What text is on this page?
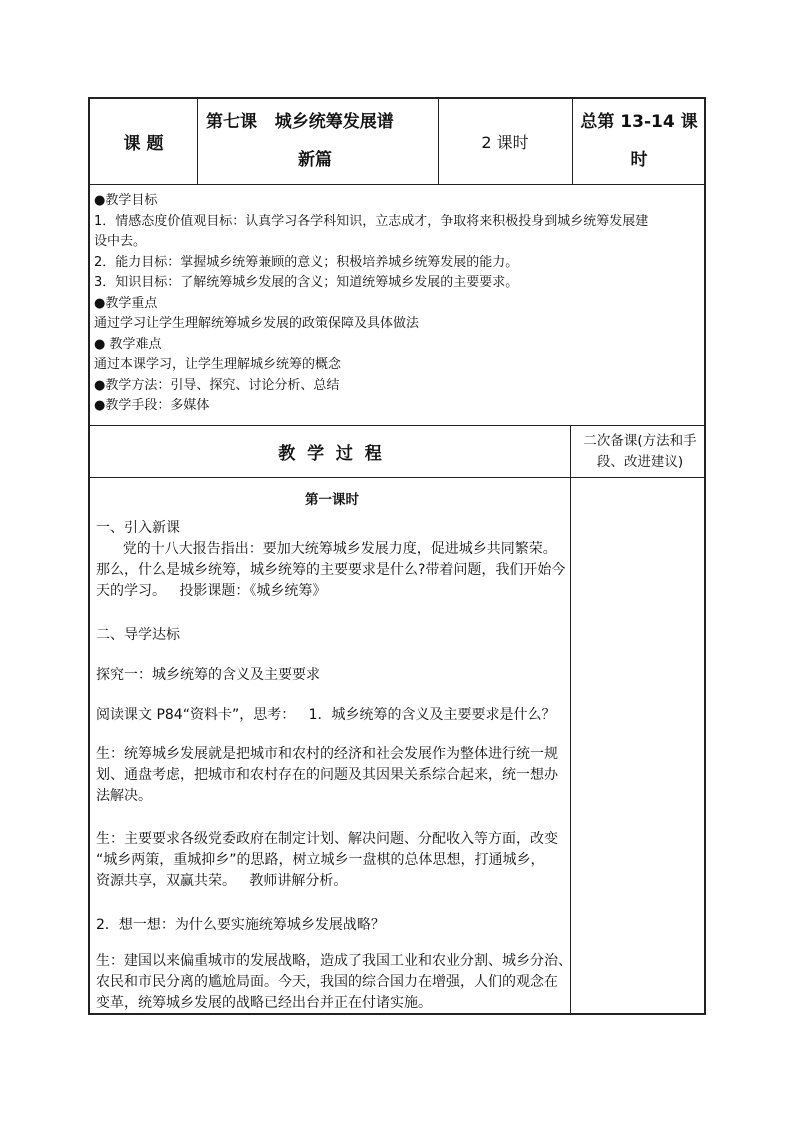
课 题
第七课   城乡统筹发展谱
新篇
2 课时
总第 13-14 课
时
●教学目标
1．情感态度价值观目标：认真学习各学科知识，立志成才，争取将来积极投身到城乡统筹发展建
设中去。
2．能力目标：掌握城乡统筹兼顾的意义；积极培养城乡统筹发展的能力。
3．知识目标：了解统筹城乡发展的含义；知道统筹城乡发展的主要要求。
●教学重点
通过学习让学生理解统筹城乡发展的政策保障及具体做法
● 教学难点
通过本课学习，让学生理解城乡统筹的概念
●教学方法：引导、探究、讨论分析、总结
●教学手段：多媒体
教  学  过  程
二次备课(方法和手
段、改进建议)
第一课时
一、引入新课
党的十八大报告指出：要加大统筹城乡发展力度，促进城乡共同繁荣。
那么，什么是城乡统筹，城乡统筹的主要要求是什么?带着问题，我们开始今
天的学习。   投影课题：《城乡统筹》
二、导学达标
探究一：城乡统筹的含义及主要要求
阅读课文 P84“资料卡”，思考：   1．城乡统筹的含义及主要要求是什么？
生：统筹城乡发展就是把城市和农村的经济和社会发展作为整体进行统一规
划、通盘考虑，把城市和农村存在的问题及其因果关系综合起来，统一想办
法解决。
生：主要要求各级党委政府在制定计划、解决问题、分配收入等方面，改变
“城乡两策，重城抑乡”的思路，树立城乡一盘棋的总体思想，打通城乡，
资源共享，双赢共荣。   教师讲解分析。
2．想一想：为什么要实施统筹城乡发展战略？
生：建国以来偏重城市的发展战略，造成了我国工业和农业分割、城乡分治、
农民和市民分离的尴尬局面。今天，我国的综合国力在增强，人们的观念在
变革，统筹城乡发展的战略已经出台并正在付诸实施。
